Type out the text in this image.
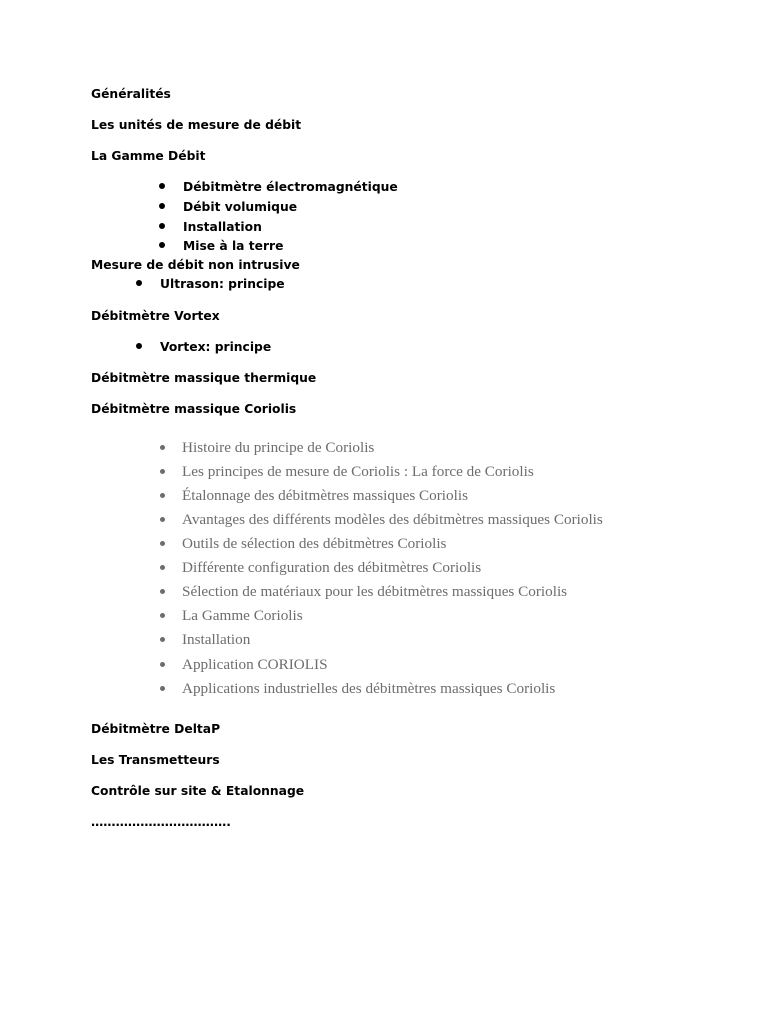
Généralités
Les unités de mesure de débit
La Gamme Débit
Débitmètre électromagnétique
Débit volumique
Installation
Mise à la terre
Mesure de débit non intrusive
Ultrason: principe
Débitmètre Vortex
Vortex: principe
Débitmètre massique thermique
Débitmètre massique Coriolis
Histoire du principe de Coriolis
Les principes de mesure de Coriolis : La force de Coriolis
Étalonnage des débitmètres massiques Coriolis
Avantages des différents modèles des débitmètres massiques Coriolis
Outils de sélection des débitmètres Coriolis
Différente configuration des débitmètres Coriolis
Sélection de matériaux pour les débitmètres massiques Coriolis
La Gamme Coriolis
Installation
Application CORIOLIS
Applications industrielles des débitmètres massiques Coriolis
Débitmètre DeltaP
Les Transmetteurs
Contrôle sur site & Etalonnage
…………………………….
